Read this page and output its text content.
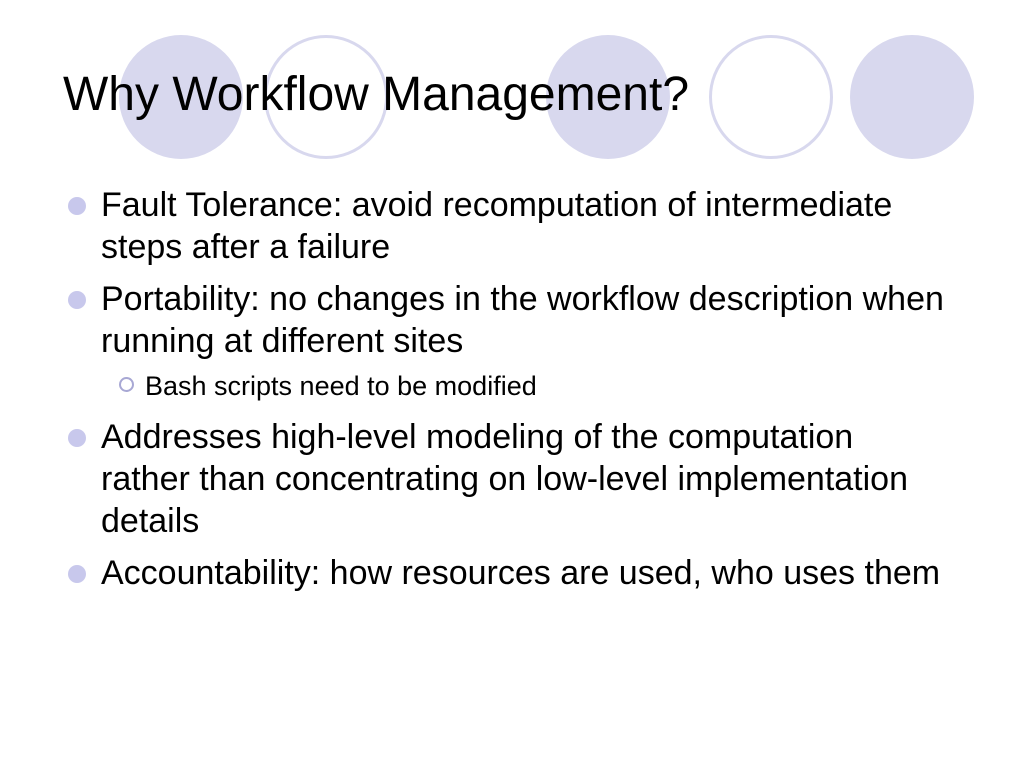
Why Workflow Management?
Fault Tolerance: avoid recomputation of intermediate steps after a failure
Portability: no changes in the workflow description when running at different sites
Bash scripts need to be modified
Addresses high-level modeling of the computation rather than concentrating on low-level implementation details
Accountability: how resources are used, who uses them
